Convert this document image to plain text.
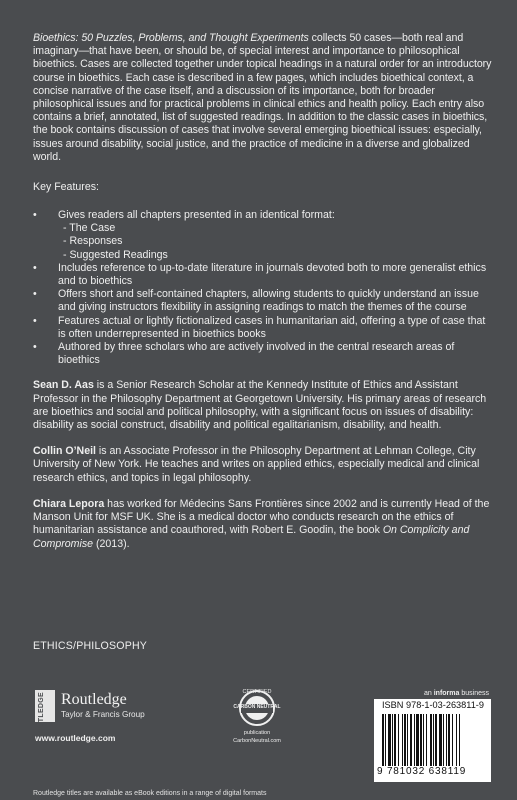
Bioethics: 50 Puzzles, Problems, and Thought Experiments collects 50 cases—both real and imaginary—that have been, or should be, of special interest and importance to philosophical bioethics. Cases are collected together under topical headings in a natural order for an introductory course in bioethics. Each case is described in a few pages, which includes bioethical context, a concise narrative of the case itself, and a discussion of its importance, both for broader philosophical issues and for practical problems in clinical ethics and health policy. Each entry also contains a brief, annotated, list of suggested readings. In addition to the classic cases in bioethics, the book contains discussion of cases that involve several emerging bioethical issues: especially, issues around disability, social justice, and the practice of medicine in a diverse and globalized world.

Key Features:

• Gives readers all chapters presented in an identical format:
- The Case
- Responses
- Suggested Readings
• Includes reference to up-to-date literature in journals devoted both to more generalist ethics and to bioethics
• Offers short and self-contained chapters, allowing students to quickly understand an issue and giving instructors flexibility in assigning readings to match the themes of the course
• Features actual or lightly fictionalized cases in humanitarian aid, offering a type of case that is often underrepresented in bioethics books
• Authored by three scholars who are actively involved in the central research areas of bioethics

Sean D. Aas is a Senior Research Scholar at the Kennedy Institute of Ethics and Assistant Professor in the Philosophy Department at Georgetown University. His primary areas of research are bioethics and social and political philosophy, with a significant focus on issues of disability: disability as social construct, disability and political egalitarianism, disability, and health.

Collin O’Neil is an Associate Professor in the Philosophy Department at Lehman College, City University of New York. He teaches and writes on applied ethics, especially medical and clinical research ethics, and topics in legal philosophy.

Chiara Lepora has worked for Médecins Sans Frontières since 2002 and is currently Head of the Manson Unit for MSF UK. She is a medical doctor who conducts research on the ethics of humanitarian assistance and coauthored, with Robert E. Goodin, the book On Complicity and Compromise (2013).

ETHICS/PHILOSOPHY
ROUTLEDGE Routledge
Taylor & Francis Group
www.routledge.com
CERTIFIED
CARBON NEUTRAL
publication
CarbonNeutral.com
an informa business
ISBN 978-1-03-263811-9
9 781032 638119
Routledge titles are available as eBook editions in a range of digital formats
